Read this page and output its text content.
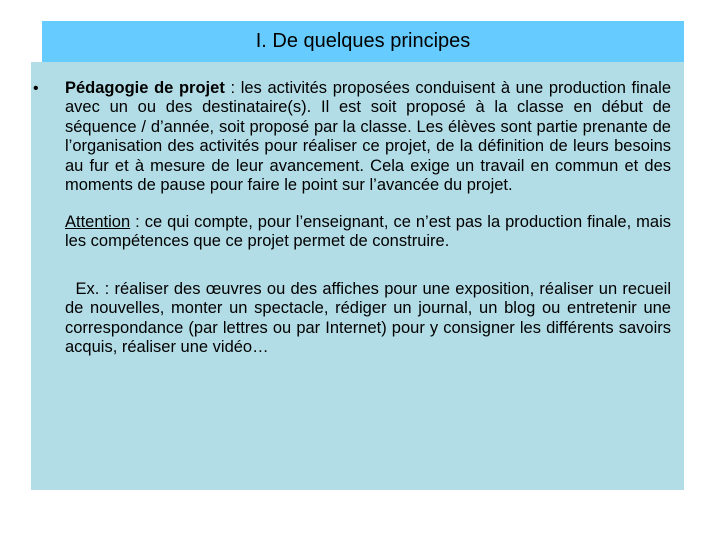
I. De quelques principes
• Pédagogie de projet : les activités proposées conduisent à une production finale avec un ou des destinataire(s). Il est soit proposé à la classe en début de séquence / d’année, soit proposé par la classe. Les élèves sont partie prenante de l’organisation des activités pour réaliser ce projet, de la définition de leurs besoins au fur et à mesure de leur avancement. Cela exige un travail en commun et des moments de pause pour faire le point sur l’avancée du projet.

Attention : ce qui compte, pour l’enseignant, ce n’est pas la production finale, mais les compétences que ce projet permet de construire.

Ex. : réaliser des œuvres ou des affiches pour une exposition, réaliser un recueil de nouvelles, monter un spectacle, rédiger un journal, un blog ou entretenir une correspondance (par lettres ou par Internet) pour y consigner les différents savoirs acquis, réaliser une vidéo…
